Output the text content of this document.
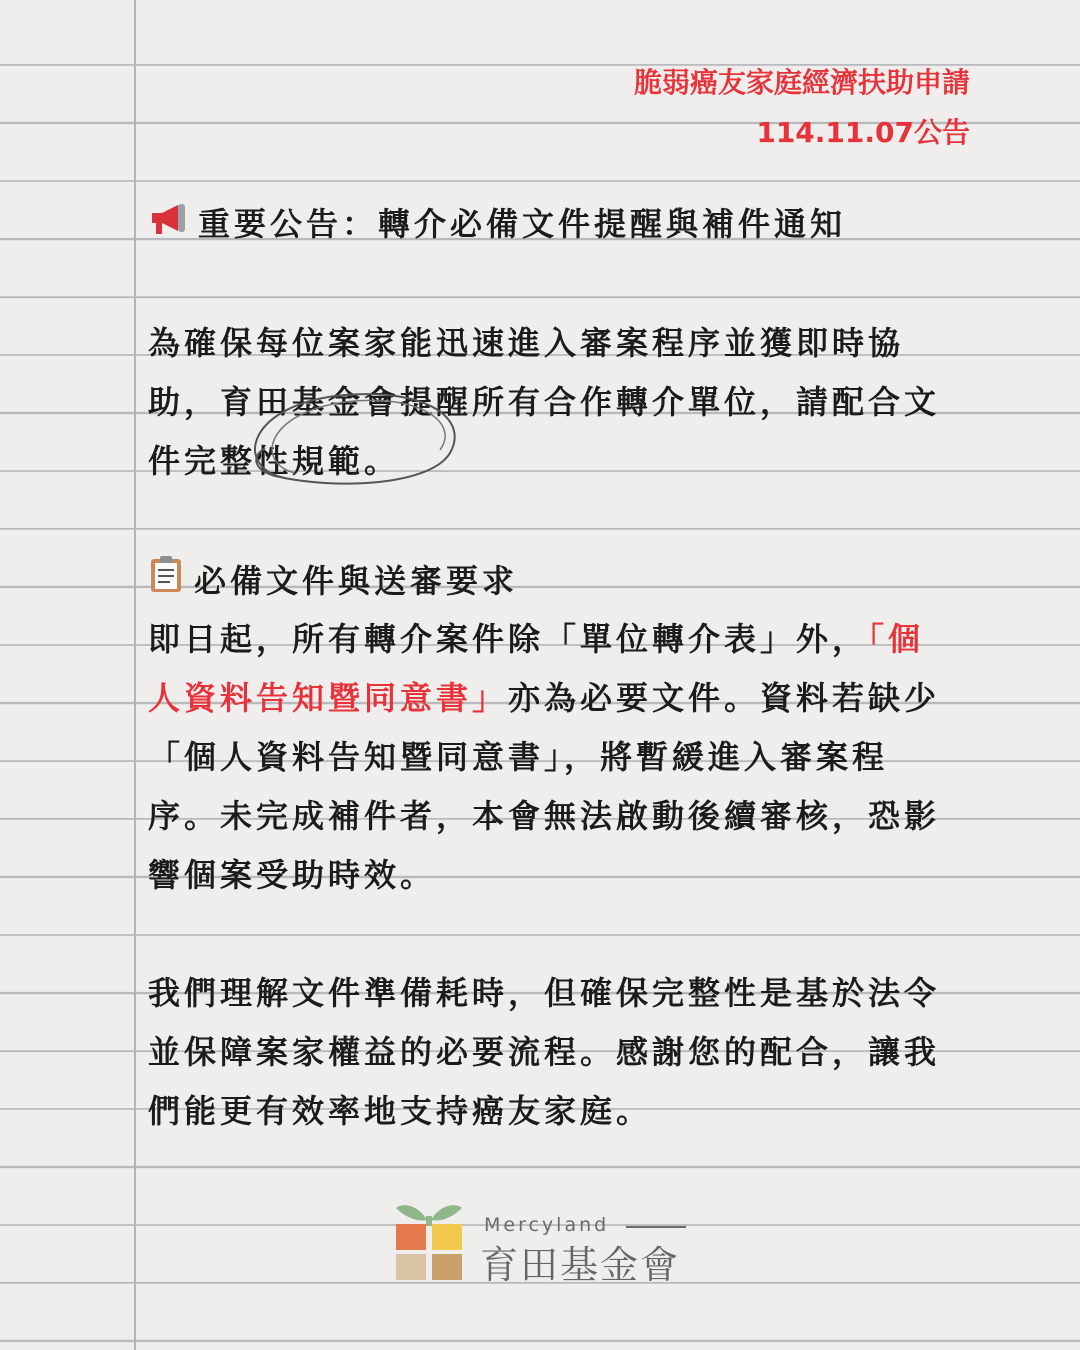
脆弱癌友家庭經濟扶助申請
114.11.07公告
重要公告：轉介必備文件提醒與補件通知
為確保每位案家能迅速進入審案程序並獲即時協助，育田基金會提醒所有合作轉介單位，請配合文件完整性規範。
必備文件與送審要求
即日起，所有轉介案件除「單位轉介表」外，「個人資料告知暨同意書」亦為必要文件。資料若缺少「個人資料告知暨同意書」，將暫緩進入審案程序。未完成補件者，本會無法啟動後續審核，恐影響個案受助時效。
我們理解文件準備耗時，但確保完整性是基於法令並保障案家權益的必要流程。感謝您的配合，讓我們能更有效率地支持癌友家庭。
Mercyland
育田基金會
